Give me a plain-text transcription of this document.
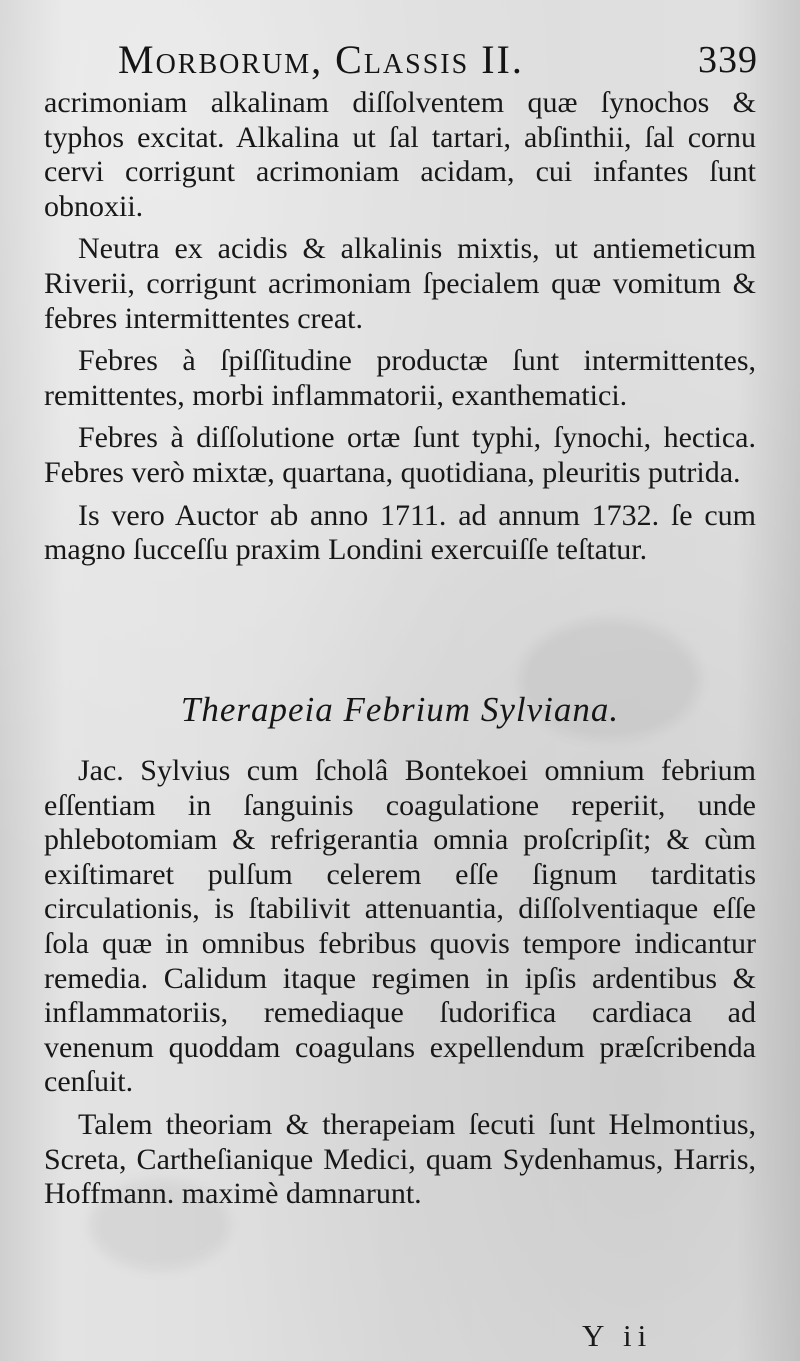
Morborum, Classis II.	339

acrimoniam alkalinam diſſolventem quæ ſynochos & typhos excitat. Alkalina ut ſal tartari, abſinthii, ſal cornu cervi corrigunt acrimoniam acidam, cui infantes ſunt obnoxii.

Neutra ex acidis & alkalinis mixtis, ut antiemeticum Riverii, corrigunt acrimoniam ſpecialem quæ vomitum & febres intermittentes creat.

Febres à ſpiſſitudine productæ ſunt intermittentes, remittentes, morbi inflammatorii, exanthematici.

Febres à diſſolutione ortæ ſunt typhi, ſynochi, hectica. Febres verò mixtæ, quartana, quotidiana, pleuritis putrida.

Is vero Auctor ab anno 1711. ad annum 1732. ſe cum magno ſucceſſu praxim Londini exercuiſſe teſtatur.

Therapeia Febrium Sylviana.

Jac. Sylvius cum ſcholâ Bontekoei omnium febrium eſſentiam in ſanguinis coagulatione reperiit, unde phlebotomiam & refrigerantia omnia proſcripſit; & cùm exiſtimaret pulſum celerem eſſe ſignum tarditatis circulationis, is ſtabilivit attenuantia, diſſolventiaque eſſe ſola quæ in omnibus febribus quovis tempore indicantur remedia. Calidum itaque regimen in ipſis ardentibus & inflammatoriis, remediaque ſudorifica cardiaca ad venenum quoddam coagulans expellendum præſcribenda cenſuit.

Talem theoriam & therapeiam ſecuti ſunt Helmontius, Screta, Cartheſianique Medici, quam Sydenhamus, Harris, Hoffmann. maximè damnarunt.

Y ii
